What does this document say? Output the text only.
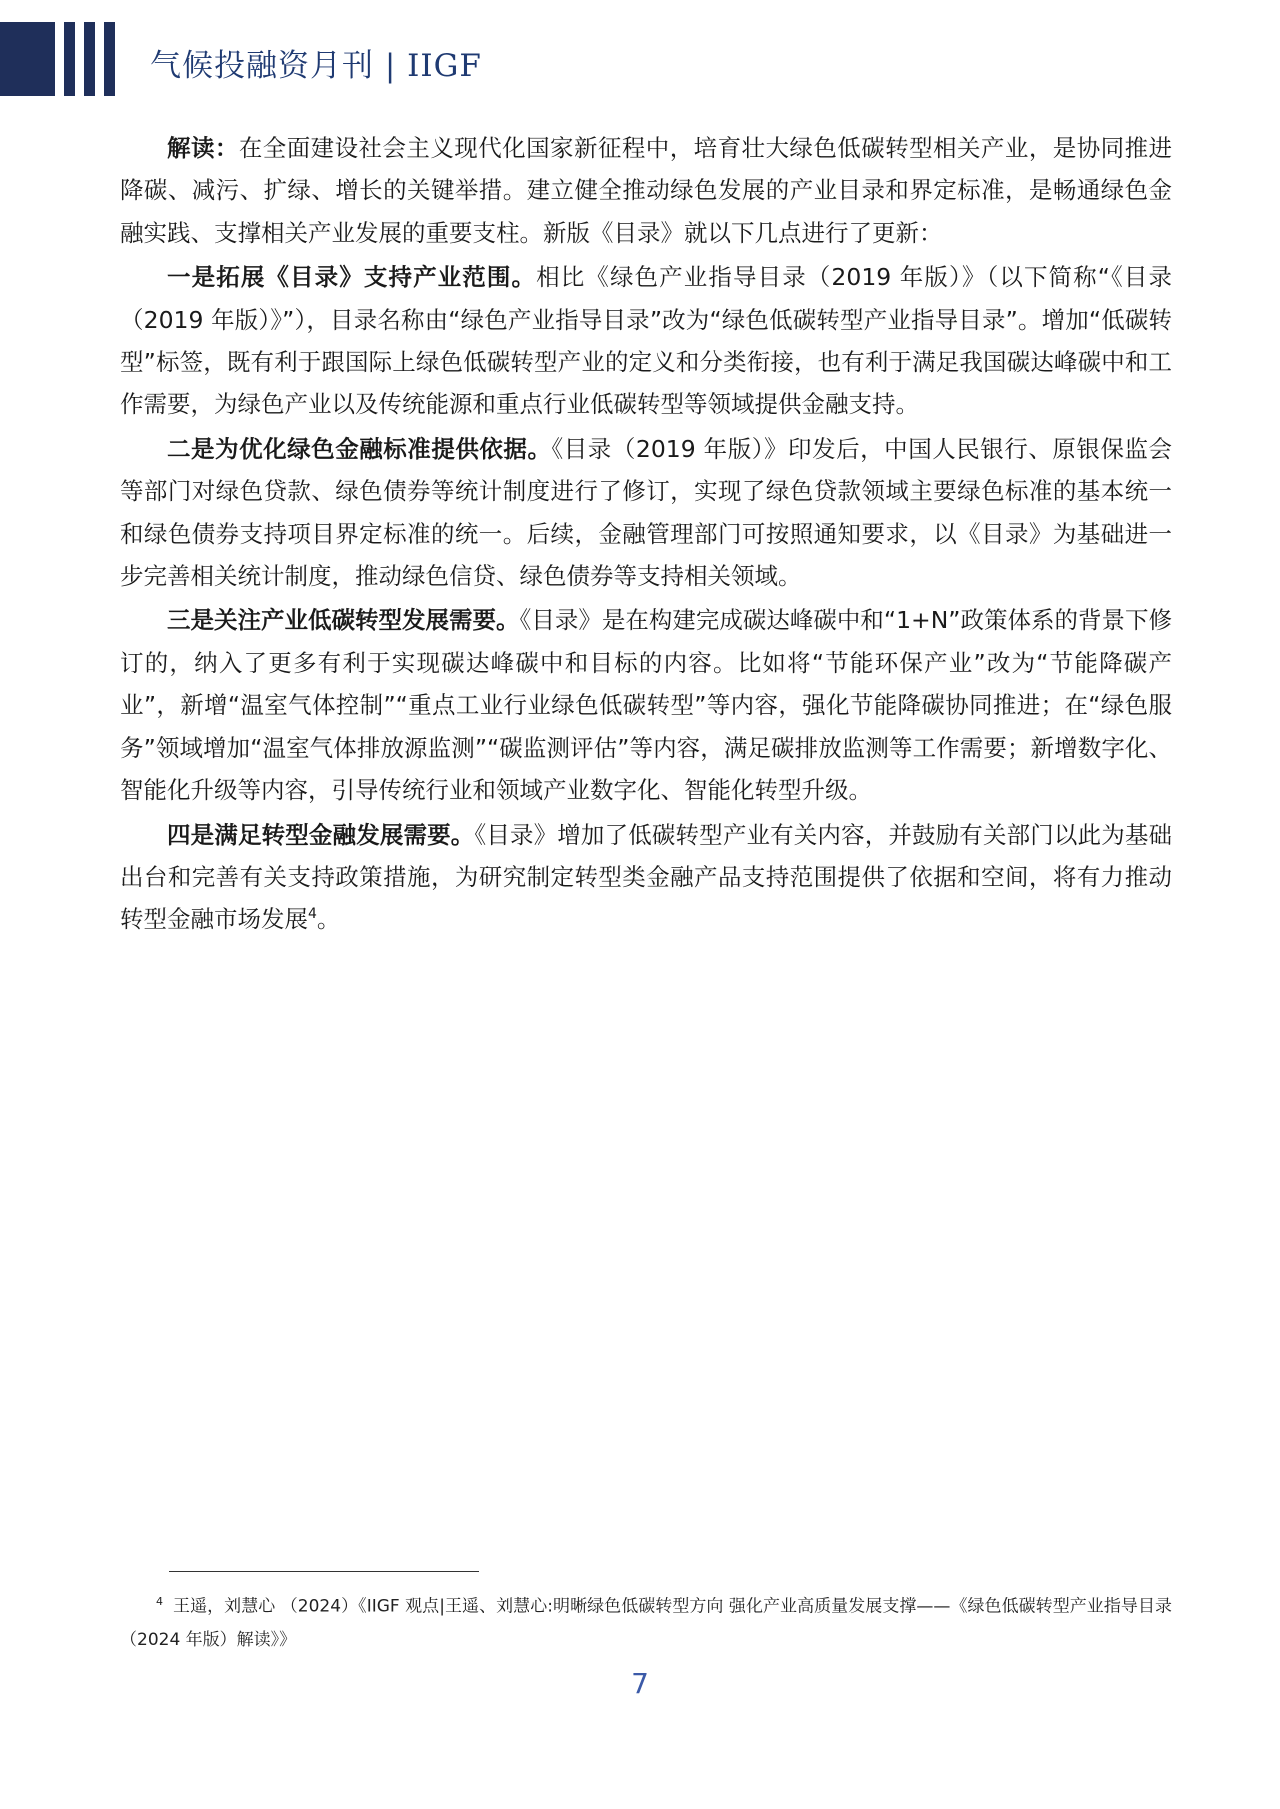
气候投融资月刊 | IIGF

解读：在全面建设社会主义现代化国家新征程中，培育壮大绿色低碳转型相关产业，是协同推进降碳、减污、扩绿、增长的关键举措。建立健全推动绿色发展的产业目录和界定标准，是畅通绿色金融实践、支撑相关产业发展的重要支柱。新版《目录》就以下几点进行了更新：

一是拓展《目录》支持产业范围。相比《绿色产业指导目录（2019 年版）》（以下简称“《目录（2019 年版）》”），目录名称由“绿色产业指导目录”改为“绿色低碳转型产业指导目录”。增加“低碳转型”标签，既有利于跟国际上绿色低碳转型产业的定义和分类衔接，也有利于满足我国碳达峰碳中和工作需要，为绿色产业以及传统能源和重点行业低碳转型等领域提供金融支持。

二是为优化绿色金融标准提供依据。《目录（2019 年版）》印发后，中国人民银行、原银保监会等部门对绿色贷款、绿色债券等统计制度进行了修订，实现了绿色贷款领域主要绿色标准的基本统一和绿色债券支持项目界定标准的统一。后续，金融管理部门可按照通知要求，以《目录》为基础进一步完善相关统计制度，推动绿色信贷、绿色债券等支持相关领域。

三是关注产业低碳转型发展需要。《目录》是在构建完成碳达峰碳中和“1+N”政策体系的背景下修订的，纳入了更多有利于实现碳达峰碳中和目标的内容。比如将“节能环保产业”改为“节能降碳产业”，新增“温室气体控制”“重点工业行业绿色低碳转型”等内容，强化节能降碳协同推进；在“绿色服务”领域增加“温室气体排放源监测”“碳监测评估”等内容，满足碳排放监测等工作需要；新增数字化、智能化升级等内容，引导传统行业和领域产业数字化、智能化转型升级。

四是满足转型金融发展需要。《目录》增加了低碳转型产业有关内容，并鼓励有关部门以此为基础出台和完善有关支持政策措施，为研究制定转型类金融产品支持范围提供了依据和空间，将有力推动转型金融市场发展$^4$。

$^4$ 王遥，刘慧心 （2024）《IIGF 观点|王遥、刘慧心:明晰绿色低碳转型方向 强化产业高质量发展支撑——《绿色低碳转型产业指导目录（2024 年版）解读》》
7
